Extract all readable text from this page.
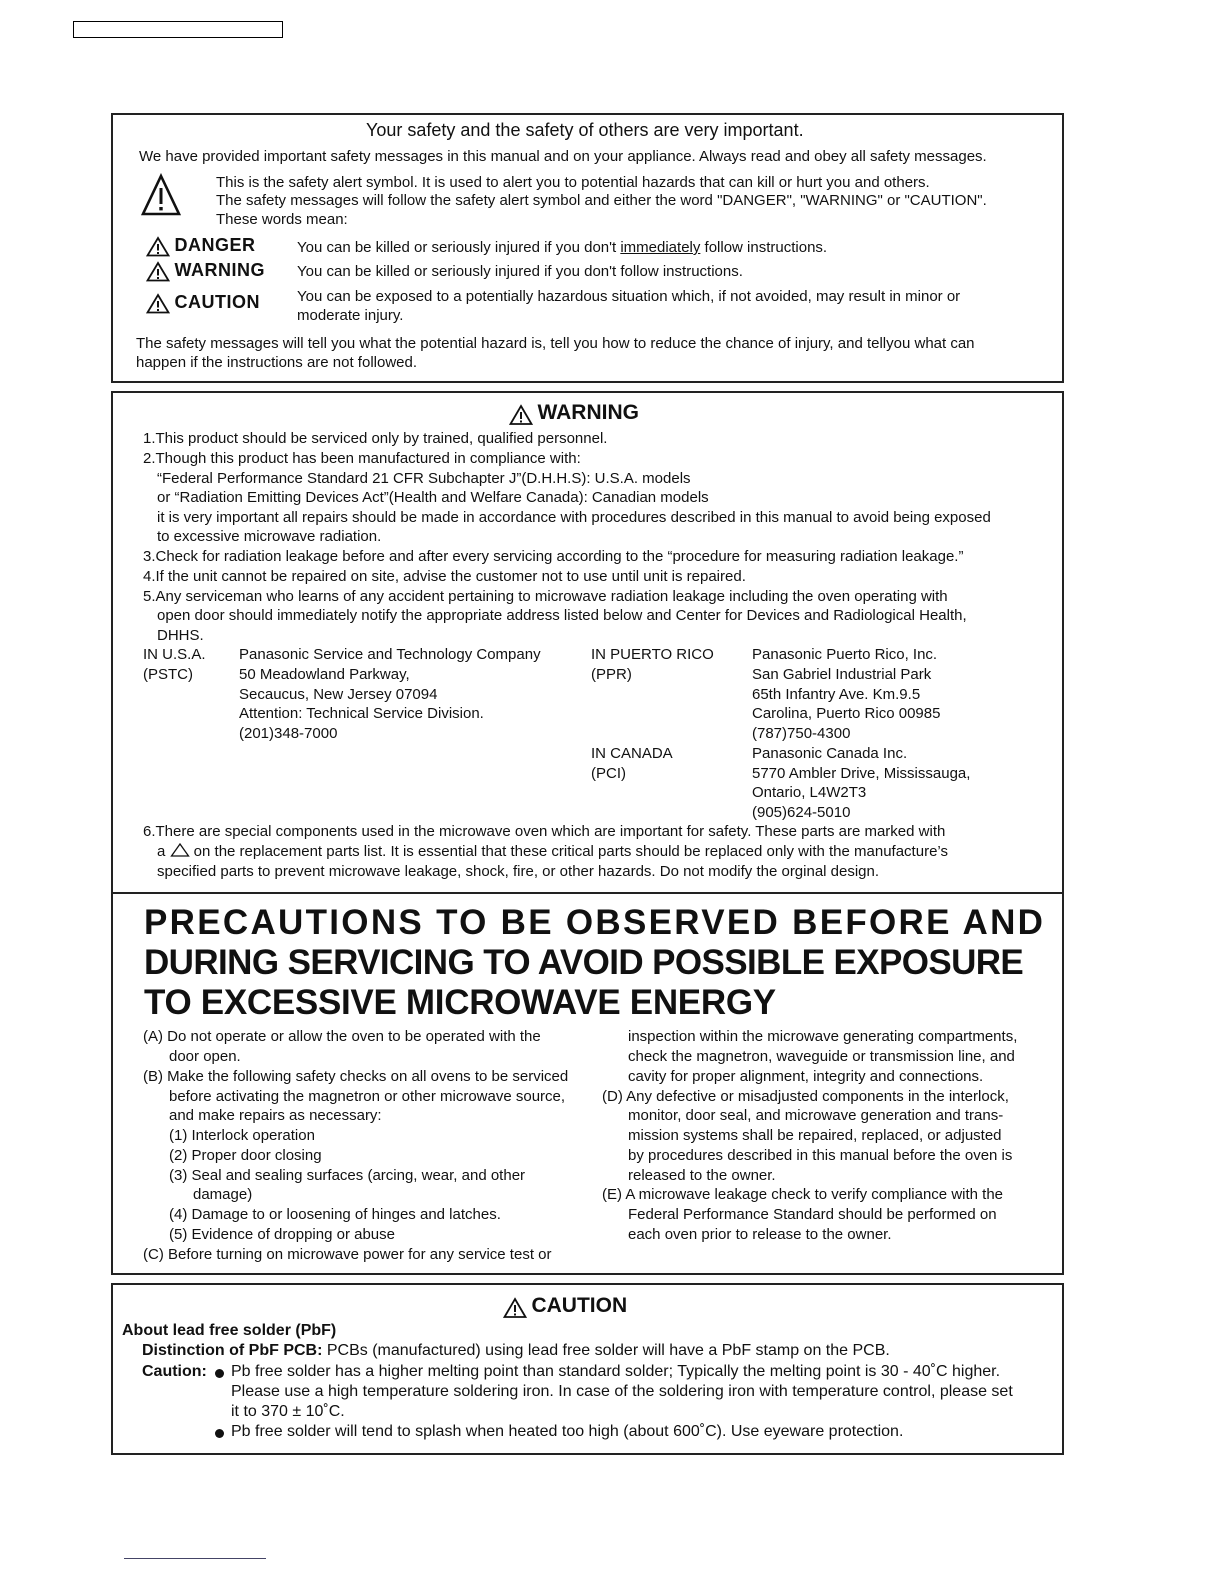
Your safety and the safety of others are very important.
We have provided important safety messages in this manual and on your appliance. Always read and obey all safety messages.
This is the safety alert symbol. It is used to alert you to potential hazards that can kill or hurt you and others.
The safety messages will follow the safety alert symbol and either the word "DANGER", "WARNING" or "CAUTION".
These words mean:
DANGER	You can be killed or seriously injured if you don't immediately follow instructions.
WARNING You can be killed or seriously injured if you don't follow instructions.
CAUTION You can be exposed to a potentially hazardous situation which, if not avoided, may result in minor or
moderate injury.
The safety messages will tell you what the potential hazard is, tell you how to reduce the chance of injury, and tellyou what can
happen if the instructions are not followed.
WARNING
1.This product should be serviced only by trained, qualified personnel.
2.Though this product has been manufactured in compliance with:
“Federal Performance Standard 21 CFR Subchapter J”(D.H.H.S): U.S.A. models
or “Radiation Emitting Devices Act”(Health and Welfare Canada): Canadian models
it is very important all repairs should be made in accordance with procedures described in this manual to avoid being exposed
to excessive microwave radiation.
3.Check for radiation leakage before and after every servicing according to the “procedure for measuring radiation leakage.”
4.If the unit cannot be repaired on site, advise the customer not to use until unit is repaired.
5.Any serviceman who learns of any accident pertaining to microwave radiation leakage including the oven operating with
open door should immediately notify the appropriate address listed below and Center for Devices and Radiological Health,
DHHS.
IN U.S.A.
(PSTC)
Panasonic Service and Technology Company
50 Meadowland Parkway,
Secaucus, New Jersey 07094
Attention: Technical Service Division.
(201)348-7000
IN PUERTO RICO
(PPR)
Panasonic Puerto Rico, Inc.
San Gabriel Industrial Park
65th Infantry Ave. Km.9.5
Carolina, Puerto Rico 00985
(787)750-4300
IN CANADA
(PCI)
Panasonic Canada Inc.
5770 Ambler Drive, Mississauga,
Ontario, L4W2T3
(905)624-5010
6.There are special components used in the microwave oven which are important for safety. These parts are marked with
a  on the replacement parts list. It is essential that these critical parts should be replaced only with the manufacture’s
specified parts to prevent microwave leakage, shock, fire, or other hazards. Do not modify the orginal design.
PRECAUTIONS TO BE OBSERVED BEFORE AND
DURING SERVICING TO AVOID POSSIBLE EXPOSURE
TO EXCESSIVE MICROWAVE ENERGY
(A) Do not operate or allow the oven to be operated with the
door open.
(B) Make the following safety checks on all ovens to be serviced
before activating the magnetron or other microwave source,
and make repairs as necessary:
(1) Interlock operation
(2) Proper door closing
(3) Seal and sealing surfaces (arcing, wear, and other
damage)
(4) Damage to or loosening of hinges and latches.
(5) Evidence of dropping or abuse
(C) Before turning on microwave power for any service test or
inspection within the microwave generating compartments,
check the magnetron, waveguide or transmission line, and
cavity for proper alignment, integrity and connections.
(D) Any defective or misadjusted components in the interlock,
monitor, door seal, and microwave generation and trans-
mission systems shall be repaired, replaced, or adjusted
by procedures described in this manual before the oven is
released to the owner.
(E) A microwave leakage check to verify compliance with the
Federal Performance Standard should be performed on
each oven prior to release to the owner.
CAUTION
About lead free solder (PbF)
Distinction of PbF PCB: PCBs (manufactured) using lead free solder will have a PbF stamp on the PCB.
Caution: Pb free solder has a higher melting point than standard solder; Typically the melting point is 30 - 40˚C higher.
Please use a high temperature soldering iron. In case of the soldering iron with temperature control, please set
it to 370 ± 10˚C.
Pb free solder will tend to splash when heated too high (about 600˚C). Use eyeware protection.
